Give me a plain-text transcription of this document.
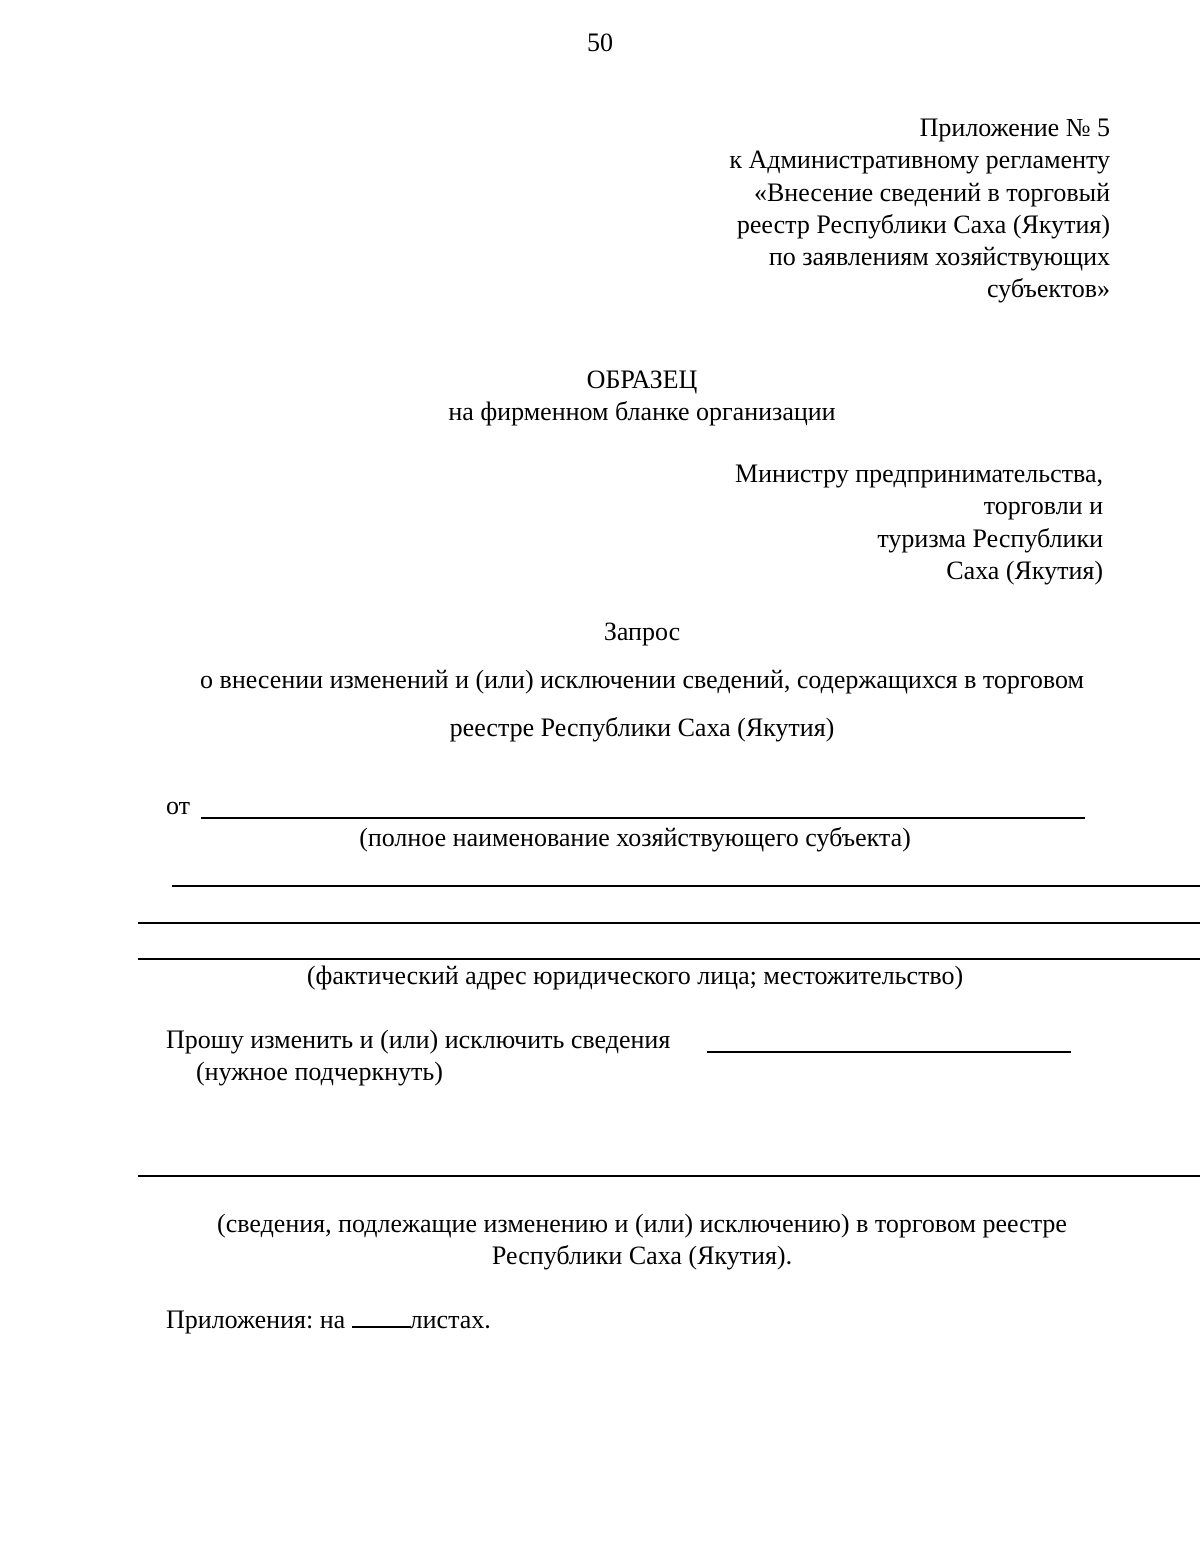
50
Приложение № 5
к Административному регламенту
«Внесение сведений в торговый
реестр Республики Саха (Якутия)
по заявлениям хозяйствующих
субъектов»
ОБРАЗЕЦ
на фирменном бланке организации
Министру предпринимательства,
торговли и
туризма Республики
Саха (Якутия)
Запрос
о внесении изменений и (или) исключении сведений, содержащихся в торговом
реестре Республики Саха (Якутия)
от
(полное наименование хозяйствующего субъекта)
(фактический адрес юридического лица; местожительство)
Прошу изменить и (или) исключить сведения
(нужное подчеркнуть)
(сведения, подлежащие изменению и (или) исключению) в торговом реестре
Республики Саха (Якутия).
Приложения: на листах.
